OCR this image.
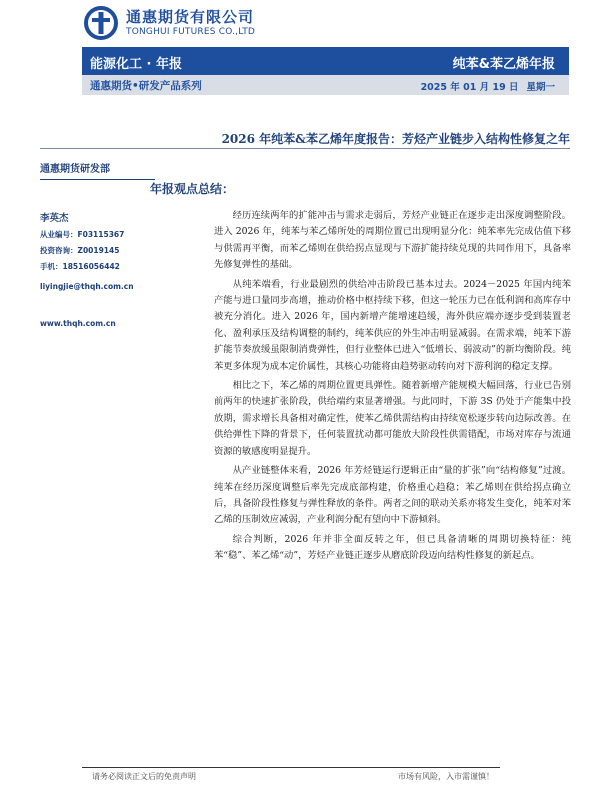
通惠期货有限公司
TONGHUI FUTURES CO.,LTD
能源化工 · 年报	纯苯&苯乙烯年报
通惠期货•研发产品系列	2025 年 01 月 19 日 星期一
2026 年纯苯&苯乙烯年度报告：芳烃产业链步入结构性修复之年
通惠期货研发部
李英杰
从业编号：F03115367
投资咨询：Z0019145
手机：18516056442
liyingjie@thqh.com.cn
www.thqh.com.cn
年报观点总结：

经历连续两年的扩能冲击与需求走弱后，芳烃产业链正在逐步走出深度调整阶段。进入 2026 年，纯苯与苯乙烯所处的周期位置已出现明显分化：纯苯率先完成估值下移与供需再平衡，而苯乙烯则在供给拐点显现与下游扩能持续兑现的共同作用下，具备率先修复弹性的基础。

从纯苯端看，行业最剧烈的供给冲击阶段已基本过去。2024－2025 年国内纯苯产能与进口量同步高增，推动价格中枢持续下移，但这一轮压力已在低利润和高库存中被充分消化。进入 2026 年，国内新增产能增速趋缓，海外供应端亦逐步受到装置老化、盈利承压及结构调整的制约，纯苯供应的外生冲击明显减弱。在需求端，纯苯下游扩能节奏放缓虽限制消费弹性，但行业整体已进入“低增长、弱波动”的新均衡阶段。纯苯更多体现为成本定价属性，其核心功能将由趋势驱动转向对下游利润的稳定支撑。

相比之下，苯乙烯的周期位置更具弹性。随着新增产能规模大幅回落，行业已告别前两年的快速扩张阶段，供给端约束显著增强。与此同时，下游 3S 仍处于产能集中投放期，需求增长具备相对确定性，使苯乙烯供需结构由持续宽松逐步转向边际改善。在供给弹性下降的背景下，任何装置扰动都可能放大阶段性供需错配，市场对库存与流通资源的敏感度明显提升。

从产业链整体来看，2026 年芳烃链运行逻辑正由“量的扩张”向“结构修复”过渡。纯苯在经历深度调整后率先完成底部构建，价格重心趋稳；苯乙烯则在供给拐点确立后，具备阶段性修复与弹性释放的条件。两者之间的联动关系亦将发生变化，纯苯对苯乙烯的压制效应减弱，产业利润分配有望向中下游倾斜。

综合判断，2026 年并非全面反转之年，但已具备清晰的周期切换特征：纯苯“稳”、苯乙烯“动”，芳烃产业链正逐步从磨底阶段迈向结构性修复的新起点。

请务必阅读正文后的免责声明	市场有风险，入市需谨慎！
